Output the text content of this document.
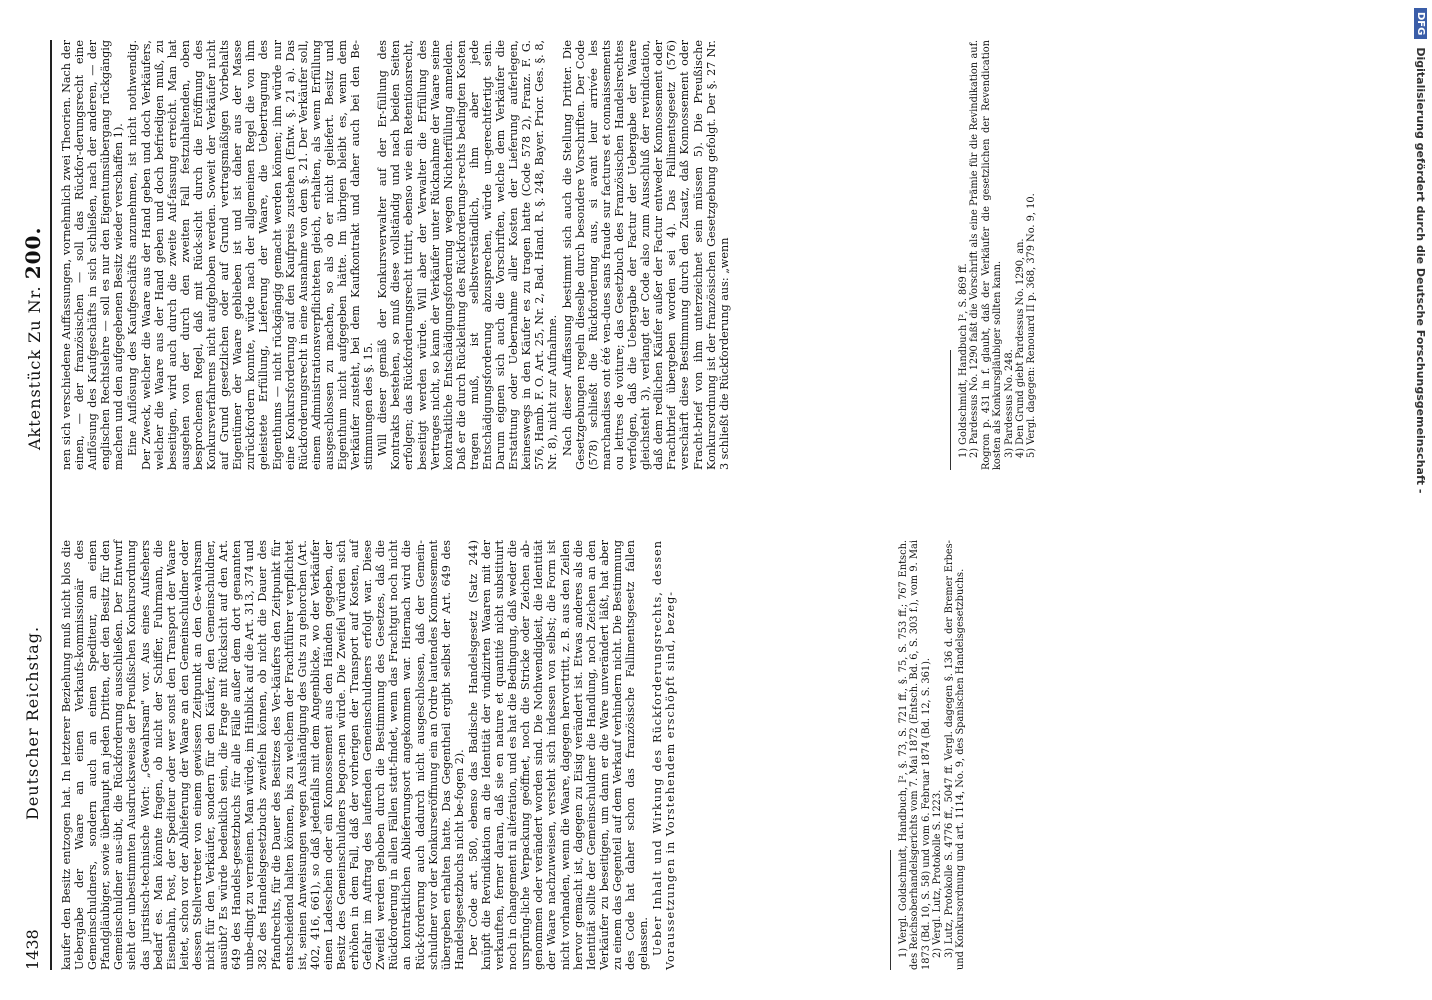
1438
Deutscher Reichstag.
Aktenstück Zu Nr. 200.

kaufer den Besitz entzogen hat. In letzterer Beziehung muß nicht blos die Uebergabe der Waare an einen Verkaufs-kommissionär des Gemeinschuldners, sondern auch an einen Spediteur, an einen Pfandgläubiger, sowie überhaupt an jeden Dritten, der den Besitz für den Gemeinschuldner aus-übt, die Rückforderung ausschließen. Der Entwurf sieht der unbestimmten Ausdrucksweise der Preußischen Konkursordnung das juristisch-technische Wort: „Gewahrsam" vor. Aus eines Aufsehers bedarf es. Man könnte fragen, ob nicht der Schiffer, Fuhrmann, die Eisenbahn, Post, der Spediteur oder wer sonst den Transport der Waare leitet, schon vor der Ablieferung der Waare an den Gemeinschuldner oder dessen Stellvertreter von einem gewissen Zeitpunkt an den Ge-wahrsam nicht für den Verkäufer, sondern für den Käufer, den Gemeinschuldner, ausübt? Es würde bedenklich sein, die Frage mit Rücksicht auf den Art. 649 des Handels-gesetzbuchs für alle Fälle außer dem dort genannten unbe-dingt zu verneinen. Man würde, im Hinblick auf die Art. 313, 374 und 382 des Handelsgesetzbuchs zweifeln können, ob nicht die Dauer des Pfandrechts, für die Dauer des Besitzes des Ver-käufers den Zeitpunkt für entscheidend halten können, bis zu welchem der Frachtführer verpflichtet ist, seinen Anweisungen wegen Aushändigung des Guts zu gehorchen (Art. 402, 416, 661), so daß jedenfalls mit dem Angenblicke, wo der Verkäufer einen Ladeschein oder ein Konnossement aus den Händen gegeben, der Besitz des Gemeinschuldners begon-nen würde. Die Zweifel würden sich erhöhen in dem Fall, daß der vorherigen der Transport auf Kosten, auf Gefahr im Auftrag des laufenden Gemeinschuldners erfolgt war. Diese Zweifel werden gehoben durch die Bestimmung des Gesetzes, daß die Rückforderung in allen Fällen statt-findet, wenn das Frachtgut noch nicht an kontraktlichen Ablieferungsort angekommen war. Hiernach wird die Rück-forderung auch dadurch nicht ausgeschlossen, daß der Gemein-schuldner vor der Konkurseröffnung ein an Ordre lautendes Konnossement übergeben erhalten hatte. Das Gegentheil ergibt selbst der Art. 649 des Handelsgesetzbuchs nicht be-fogen 2). Der Code art. 580, ebenso das Badische Handelsgesetz (Satz 244) knüpft die Revindikation an die Identität der vindizirten Waaren mit der verkauften, ferner daran, daß sie en nature et quantité nicht substituirt noch in changement ni altération, und es hat die Bedingung, daß weder die ursprüng-liche Verpackung geöffnet, noch die Stricke oder Zeichen ab-genommen oder verändert worden sind. Die Nothwendigkeit, die Identität der Waare nachzuweisen, versteht sich indessen von selbst; die Form ist nicht vorhanden, wenn die Waare, dagegen hervortritt, z. B. aus den Zeilen hervor gemacht ist, dagegen zu Eisig verändert ist. Etwas anderes als die Identität sollte der Gemeinschuldner die Handlung, noch Zeichen an den Verkäufer zu beseitigen, um dann er die Ware unverändert läßt, hat aber zu einem das Gegenteil auf dem Verkauf verhindern nicht. Die Bestimmung des Code hat daher schon das französische Fallimentsgesetz fallen gelassen. Ueber Inhalt und Wirkung des Rückforderungsrechts, dessen Voraussetzungen in Vorstehendem erschöpft sind, bezeg-	1) Vergl. Goldschmidt, Handbuch, I², §. 73, S. 721 ff., §. 75, S. 753 ff.; 767 Entsch. des Reichsoberhandelsgerichts vom 7. Mai 1872 (Entsch. Bd. 6, S. 303 f.), vom 9. Mai 1873 (Bd. 10, S. 58) und vom 6. Februar 1874 (Bd. 12, S. 361). 2) Vergl. Lutz, Protokolle S. 1223. 3) Lutz, Protokolle S. 4776 ff., 5047 ff. Vergl. dagegen §. 136 d. der Bremer Erbes- und Konkursordnung und art. 1114, No. 9, des Spanischen Handelsgesetzbuchs.

nen sich verschiedene Auffassungen, vornehmlich zwei Theorien. Nach der einen, — der französischen — soll das Rückfor-derungsrecht eine Auflösung des Kaufgeschäfts in sich schließen, nach der anderen, — der englischen Rechtslehre — soll es nur den Eigentumsübergang rückgängig machen und den aufgegebenen Besitz wieder verschaffen 1). Eine Auflösung des Kaufgeschäfts anzunehmen, ist nicht nothwendig. Der Zweck, welcher die Waare aus der Hand geben und doch Verkäufers, welcher die Waare aus der Hand geben und doch befriedigen muß, zu beseitigen, wird auch durch die zweite Auf-fassung erreicht. Man hat ausgehen von der durch den zweiten Fall festzuhaltenden, oben besprochenen Regel, daß mit Rück-sicht durch die Eröffnung des Konkursverfahrens nicht aufgehoben werden. Soweit der Verkäufer nicht auf Grund gesetzlichen oder auf Grund vertragsmäßigen Vorbehalts Eigentümer der Waare geblieben ist und ist daher aus der Masse zurückfordern konnte, würde nach der allgemeinen Regel die von ihm geleistete Erfüllung, Lieferung der Waare, die Uebertragung des Eigenthums — nicht rückgängig gemacht werden können; ihm würde nur eine Konkursforderung auf den Kaufpreis zustehen (Entw. §. 21 a). Das Rückforderungsrecht in eine Ausnahme von dem §. 21. Der Verkäufer soll, einem Administrationsverpflichteten gleich, erhalten, als wenn Erfüllung ausgeschlossen zu machen, so als ob er nicht geliefert. Besitz und Eigenthum nicht aufgegeben hätte. Im übrigen bleibt es, wenn dem Verkäufer zusteht, bei dem Kaufkontrakt und daher auch bei den Be-stimmungen des §. 15. Will dieser gemäß der Konkursverwalter auf der Er-füllung des Kontrakts bestehen, so muß diese vollständig und nach beiden Seiten erfolgen; das Rückforderungsrecht tritirt, ebenso wie ein Retentionsrecht, beseitigt werden würde. Will aber der Verwalter die Erfüllung des Vertrages nicht, so kann der Verkäufer unter Rücknahme der Waare seine kontraktliche Entschädigungsforderung wegen Nichterfüllung anmelden. Daß er die durch Rückleitung des Rückforderungs-rechts bedingten Kosten tragen muß, ist selbstverständlich, ihm aber jede Entschädigungsforderung abzusprechen, würde un-gerechtfertigt sein. Darum eignen sich auch die Vorschriften, welche dem Verkäufer die Erstattung oder Uebernahme aller Kosten der Lieferung auferlegen, keineswegs in den Käufer es zu tragen hatte (Code 578 2), Franz. F. G. 576, Hamb. F. O. Art. 25, Nr. 2, Bad. Hand. R. §. 248, Bayer. Prior. Ges. §. 8, Nr. 8), nicht zur Aufnahme. Nach dieser Auffassung bestimmt sich auch die Stellung Dritter. Die Gesetzgebungen regeln dieselbe durch besondere Vorschriften. Der Code (578) schließt die Rückforderung aus, si avant leur arrivée les marchandises ont été ven-dues sans fraude sur factures et connaissements ou lettres de voiture; das Gesetzbuch des Französischen Handelsrechtes verfolgen, daß die Uebergabe der Factur der Uebergabe der Waare gleichsteht 3), verlangt der Code also zum Ausschluß der revindication, daß dem redlichen Käufer außer der Factur entweder Konnossement oder Frachtbrief übergeben worden sei 4). Das Fallimentsgesetz (576) verschärft diese Bestimmung durch den Zusatz, daß Konnossement oder Fracht-brief von ihm unterzeichnet sein müssen 5). Die Preußische Konkursordnung ist der französischen Gesetzgebung gefolgt. Der §. 27 Nr. 3 schließt die Rückforderung aus: „wenn	1) Goldschmidt, Handbuch I², S. 869 ff. 2) Pardessus No. 1290 faßt die Vorschrift als eine Prämie für die Revindikation auf. Rogron p. 431 in f. glaubt, daß der Verkäufer die gesetzlichen der Revendication kosten als Konkursgläubiger sollten kann. 3) Pardessus No. 248. 4) Den Grund giebt Pardessus No. 1290, an. 5) Vergl. dagegen: Renouard II p. 368, 379 No. 9, 10.

DFG
Digitalisierung gefördert durch die Deutsche Forschungsgemeinschaft -
